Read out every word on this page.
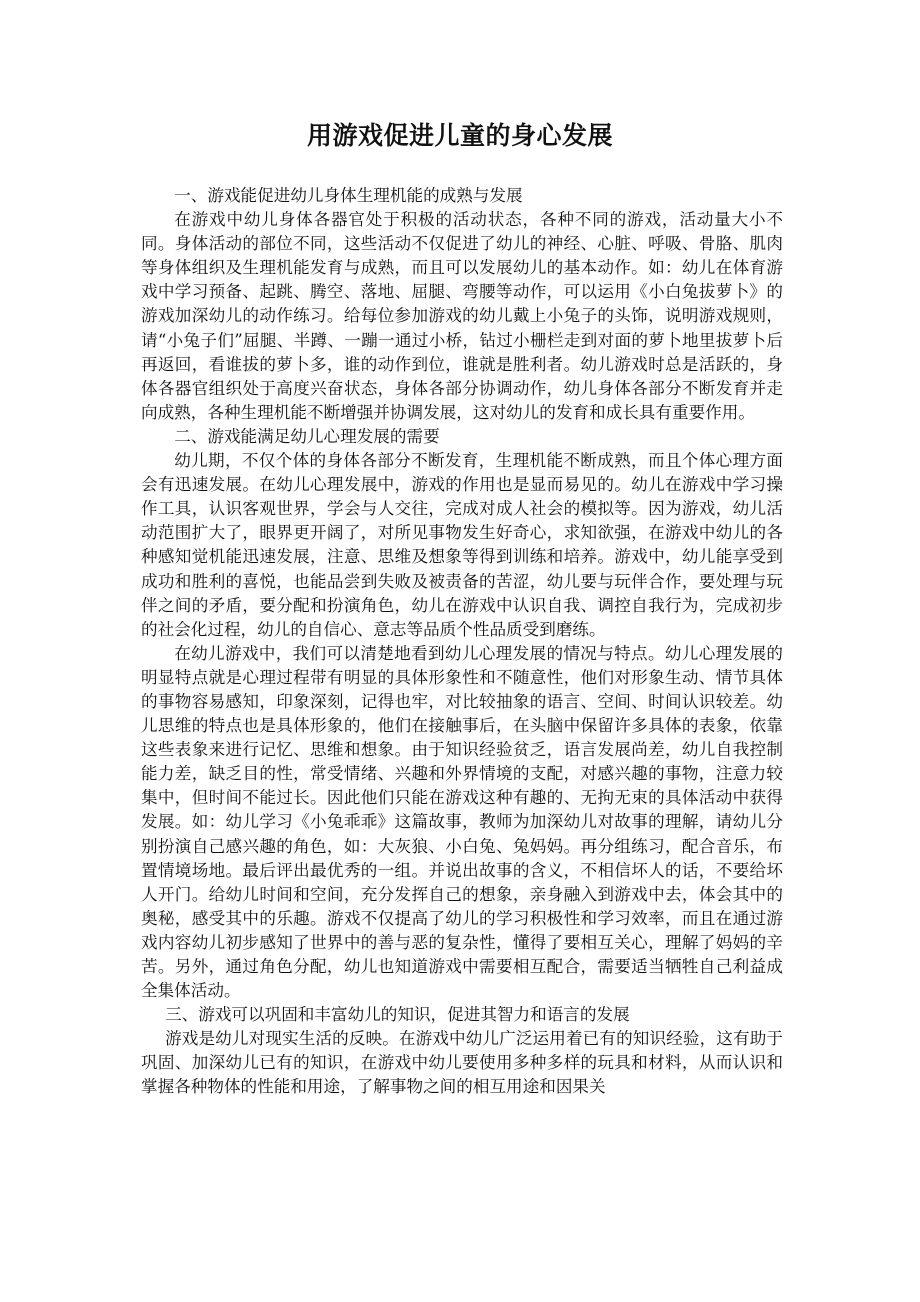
用游戏促进儿童的身心发展

一、游戏能促进幼儿身体生理机能的成熟与发展

在游戏中幼儿身体各器官处于积极的活动状态，各种不同的游戏，活动量大小不同。身体活动的部位不同，这些活动不仅促进了幼儿的神经、心脏、呼吸、骨胳、肌肉等身体组织及生理机能发育与成熟，而且可以发展幼儿的基本动作。如：幼儿在体育游戏中学习预备、起跳、腾空、落地、屈腿、弯腰等动作，可以运用《小白兔拔萝卜》的游戏加深幼儿的动作练习。给每位参加游戏的幼儿戴上小兔子的头饰，说明游戏规则，请“小兔子们”屈腿、半蹲、一蹦一通过小桥，钻过小栅栏走到对面的萝卜地里拔萝卜后再返回，看谁拔的萝卜多，谁的动作到位，谁就是胜利者。幼儿游戏时总是活跃的，身体各器官组织处于高度兴奋状态，身体各部分协调动作，幼儿身体各部分不断发育并走向成熟，各种生理机能不断增强并协调发展，这对幼儿的发育和成长具有重要作用。

二、游戏能满足幼儿心理发展的需要

幼儿期，不仅个体的身体各部分不断发育，生理机能不断成熟，而且个体心理方面会有迅速发展。在幼儿心理发展中，游戏的作用也是显而易见的。幼儿在游戏中学习操作工具，认识客观世界，学会与人交往，完成对成人社会的模拟等。因为游戏，幼儿活动范围扩大了，眼界更开阔了，对所见事物发生好奇心，求知欲强，在游戏中幼儿的各种感知觉机能迅速发展，注意、思维及想象等得到训练和培养。游戏中，幼儿能享受到成功和胜利的喜悦，也能品尝到失败及被责备的苦涩，幼儿要与玩伴合作，要处理与玩伴之间的矛盾，要分配和扮演角色，幼儿在游戏中认识自我、调控自我行为，完成初步的社会化过程，幼儿的自信心、意志等品质个性品质受到磨练。

在幼儿游戏中，我们可以清楚地看到幼儿心理发展的情况与特点。幼儿心理发展的明显特点就是心理过程带有明显的具体形象性和不随意性，他们对形象生动、情节具体的事物容易感知，印象深刻，记得也牢，对比较抽象的语言、空间、时间认识较差。幼儿思维的特点也是具体形象的，他们在接触事后，在头脑中保留许多具体的表象，依靠这些表象来进行记忆、思维和想象。由于知识经验贫乏，语言发展尚差，幼儿自我控制能力差，缺乏目的性，常受情绪、兴趣和外界情境的支配，对感兴趣的事物，注意力较集中，但时间不能过长。因此他们只能在游戏这种有趣的、无拘无束的具体活动中获得发展。如：幼儿学习《小兔乖乖》这篇故事，教师为加深幼儿对故事的理解，请幼儿分别扮演自己感兴趣的角色，如：大灰狼、小白兔、兔妈妈。再分组练习，配合音乐，布置情境场地。最后评出最优秀的一组。并说出故事的含义，不相信坏人的话，不要给坏人开门。给幼儿时间和空间，充分发挥自己的想象，亲身融入到游戏中去，体会其中的奥秘，感受其中的乐趣。游戏不仅提高了幼儿的学习积极性和学习效率，而且在通过游戏内容幼儿初步感知了世界中的善与恶的复杂性，懂得了要相互关心，理解了妈妈的辛苦。另外，通过角色分配，幼儿也知道游戏中需要相互配合，需要适当牺牲自己利益成全集体活动。

三、游戏可以巩固和丰富幼儿的知识，促进其智力和语言的发展

游戏是幼儿对现实生活的反映。在游戏中幼儿广泛运用着已有的知识经验，这有助于巩固、加深幼儿已有的知识，在游戏中幼儿要使用多种多样的玩具和材料，从而认识和掌握各种物体的性能和用途，了解事物之间的相互用途和因果关
